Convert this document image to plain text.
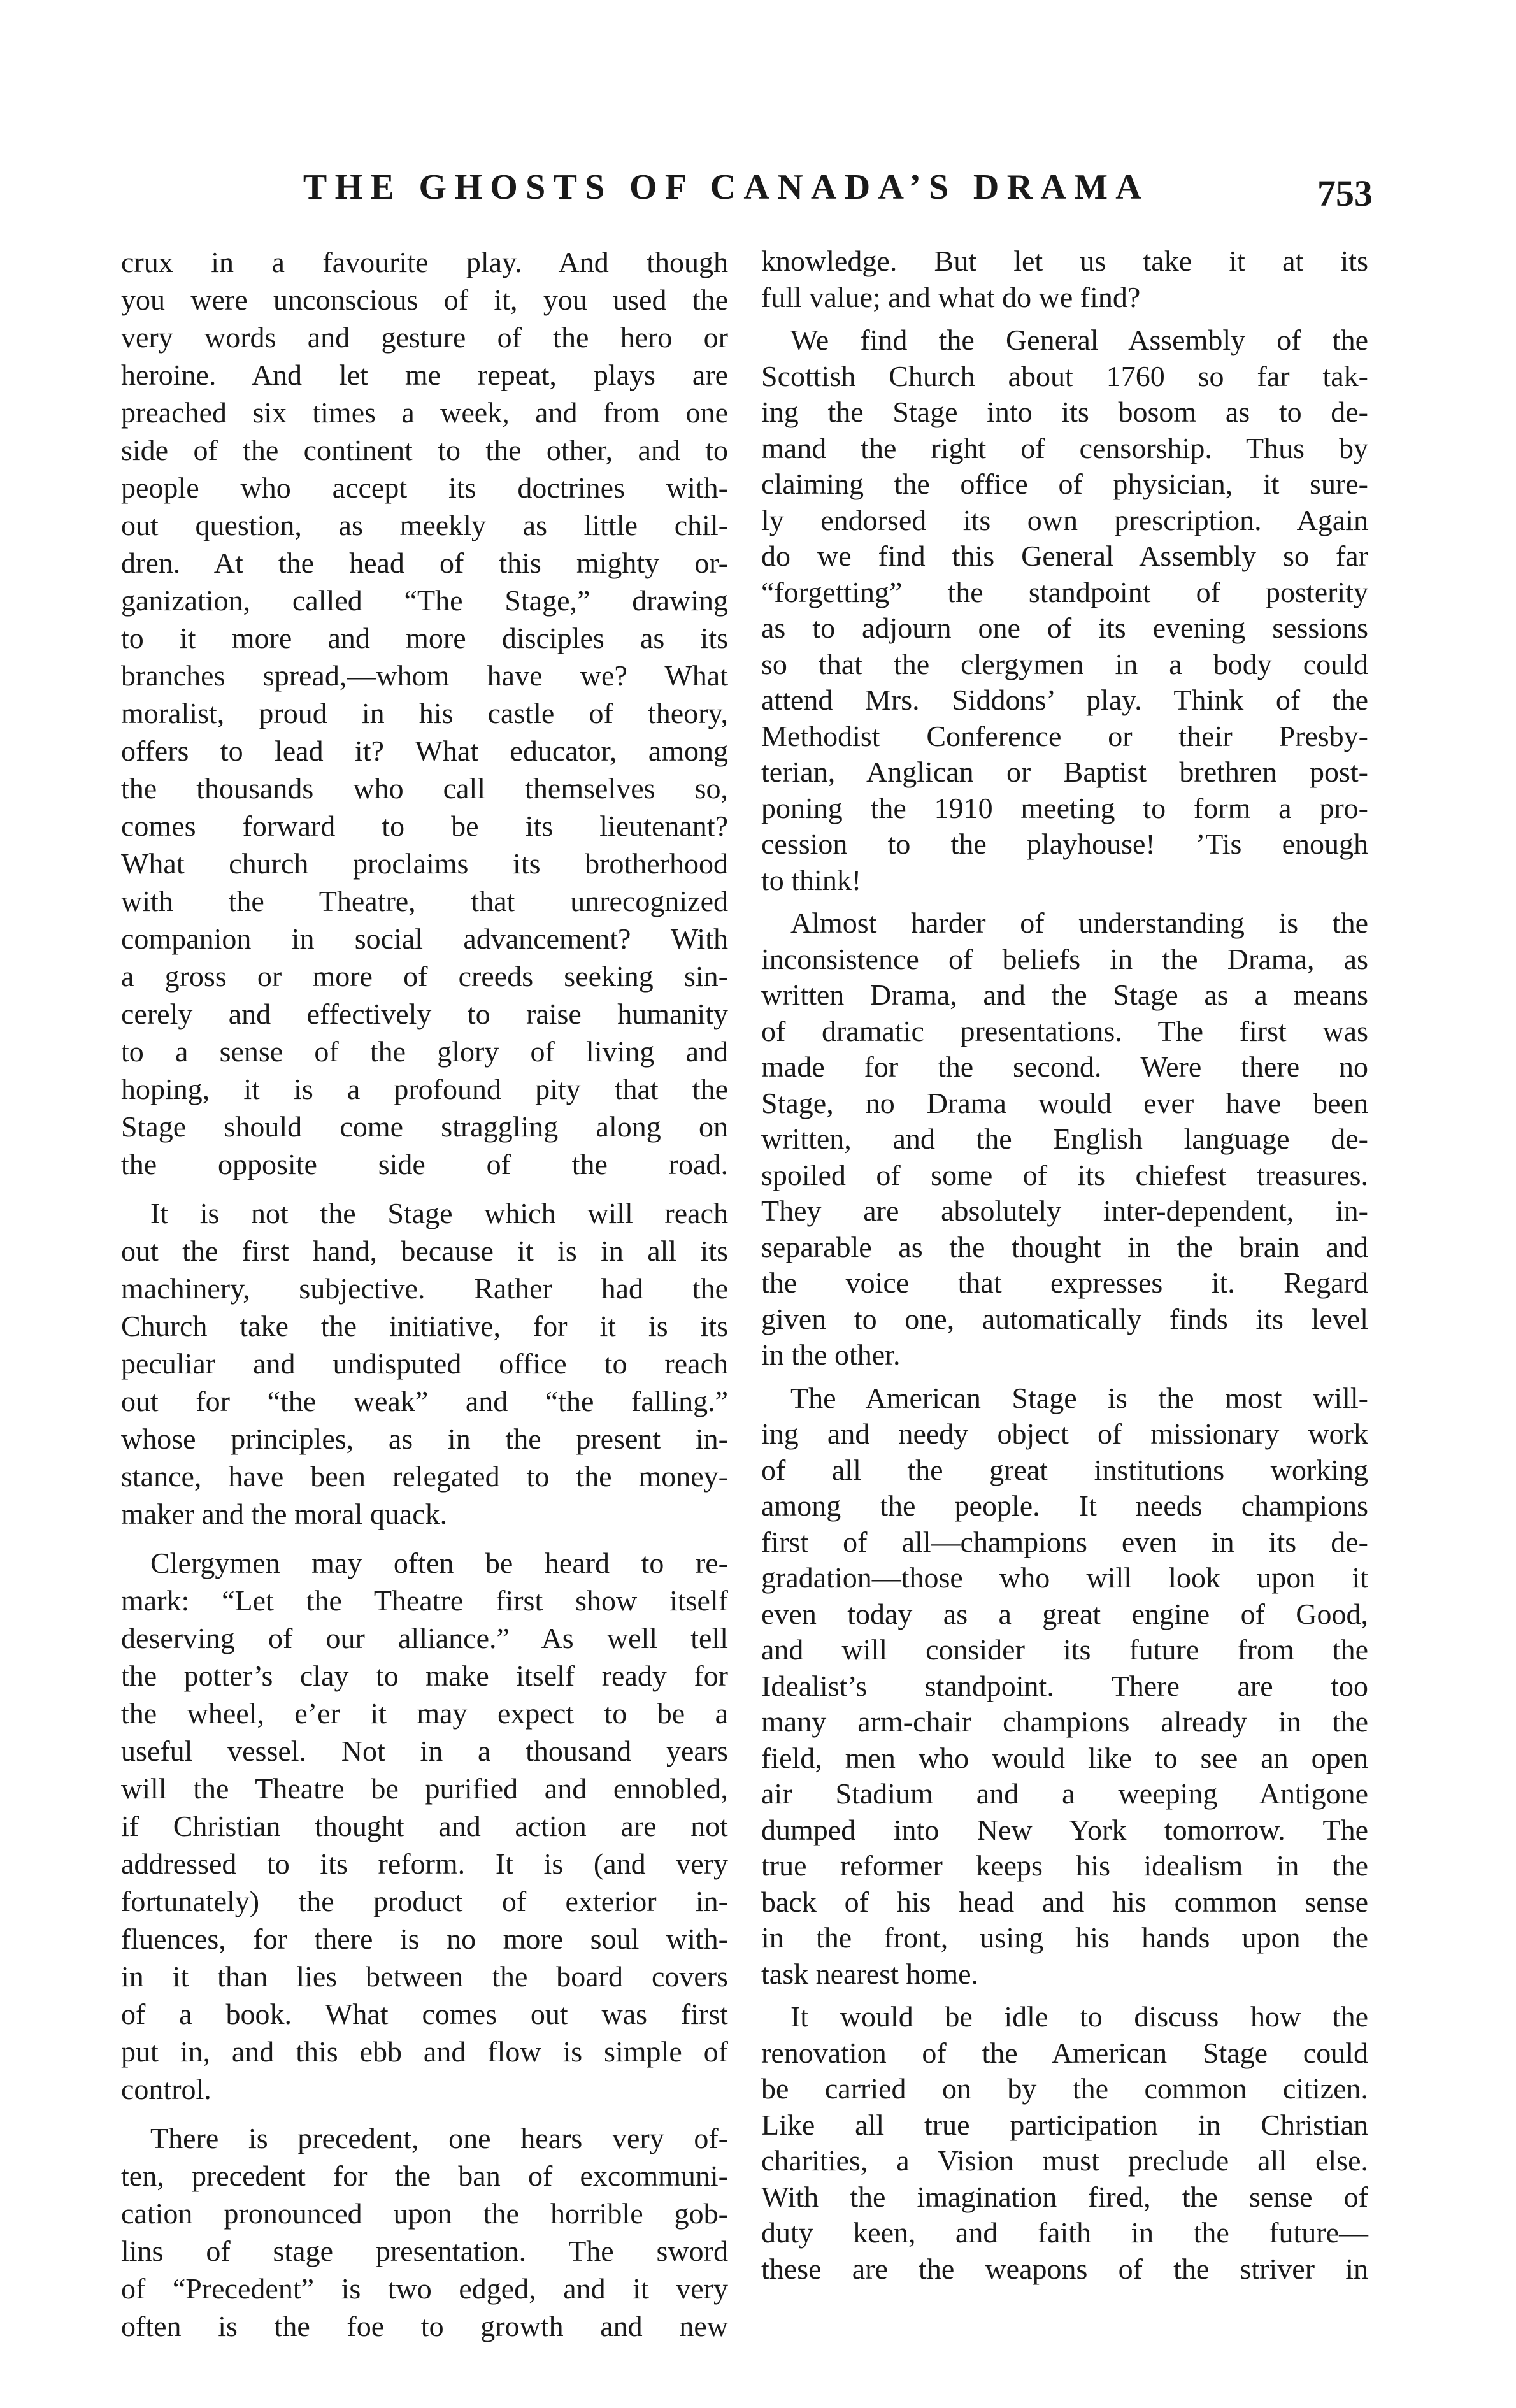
THE GHOSTS OF CANADA’S DRAMA	753
crux in a favourite play. And though
you were unconscious of it, you used the
very words and gesture of the hero or
heroine. And let me repeat, plays are
preached six times a week, and from one
side of the continent to the other, and to
people who accept its doctrines with-
out question, as meekly as little chil-
dren. At the head of this mighty or-
ganization, called “The Stage,” drawing
to it more and more disciples as its
branches spread,—whom have we? What
moralist, proud in his castle of theory,
offers to lead it? What educator, among
the thousands who call themselves so,
comes forward to be its lieutenant?
What church proclaims its brotherhood
with the Theatre, that unrecognized
companion in social advancement? With
a gross or more of creeds seeking sin-
cerely and effectively to raise humanity
to a sense of the glory of living and
hoping, it is a profound pity that the
Stage should come straggling along on
the opposite side of the road.
It is not the Stage which will reach
out the first hand, because it is in all its
machinery, subjective. Rather had the
Church take the initiative, for it is its
peculiar and undisputed office to reach
out for “the weak” and “the falling.”
whose principles, as in the present in-
stance, have been relegated to the money-
maker and the moral quack.
Clergymen may often be heard to re-
mark: “Let the Theatre first show itself
deserving of our alliance.” As well tell
the potter’s clay to make itself ready for
the wheel, e’er it may expect to be a
useful vessel. Not in a thousand years
will the Theatre be purified and ennobled,
if Christian thought and action are not
addressed to its reform. It is (and very
fortunately) the product of exterior in-
fluences, for there is no more soul with-
in it than lies between the board covers
of a book. What comes out was first
put in, and this ebb and flow is simple of
control.
There is precedent, one hears very of-
ten, precedent for the ban of excommuni-
cation pronounced upon the horrible gob-
lins of stage presentation. The sword
of “Precedent” is two edged, and it very
often is the foe to growth and new
knowledge. But let us take it at its
full value; and what do we find?
We find the General Assembly of the
Scottish Church about 1760 so far tak-
ing the Stage into its bosom as to de-
mand the right of censorship. Thus by
claiming the office of physician, it sure-
ly endorsed its own prescription. Again
do we find this General Assembly so far
“forgetting” the standpoint of posterity
as to adjourn one of its evening sessions
so that the clergymen in a body could
attend Mrs. Siddons’ play. Think of the
Methodist Conference or their Presby-
terian, Anglican or Baptist brethren post-
poning the 1910 meeting to form a pro-
cession to the playhouse! ’Tis enough
to think!
Almost harder of understanding is the
inconsistence of beliefs in the Drama, as
written Drama, and the Stage as a means
of dramatic presentations. The first was
made for the second. Were there no
Stage, no Drama would ever have been
written, and the English language de-
spoiled of some of its chiefest treasures.
They are absolutely inter-dependent, in-
separable as the thought in the brain and
the voice that expresses it. Regard
given to one, automatically finds its level
in the other.
The American Stage is the most will-
ing and needy object of missionary work
of all the great institutions working
among the people. It needs champions
first of all—champions even in its de-
gradation—those who will look upon it
even today as a great engine of Good,
and will consider its future from the
Idealist’s standpoint. There are too
many arm-chair champions already in the
field, men who would like to see an open
air Stadium and a weeping Antigone
dumped into New York tomorrow. The
true reformer keeps his idealism in the
back of his head and his common sense
in the front, using his hands upon the
task nearest home.
It would be idle to discuss how the
renovation of the American Stage could
be carried on by the common citizen.
Like all true participation in Christian
charities, a Vision must preclude all else.
With the imagination fired, the sense of
duty keen, and faith in the future—
these are the weapons of the striver in
